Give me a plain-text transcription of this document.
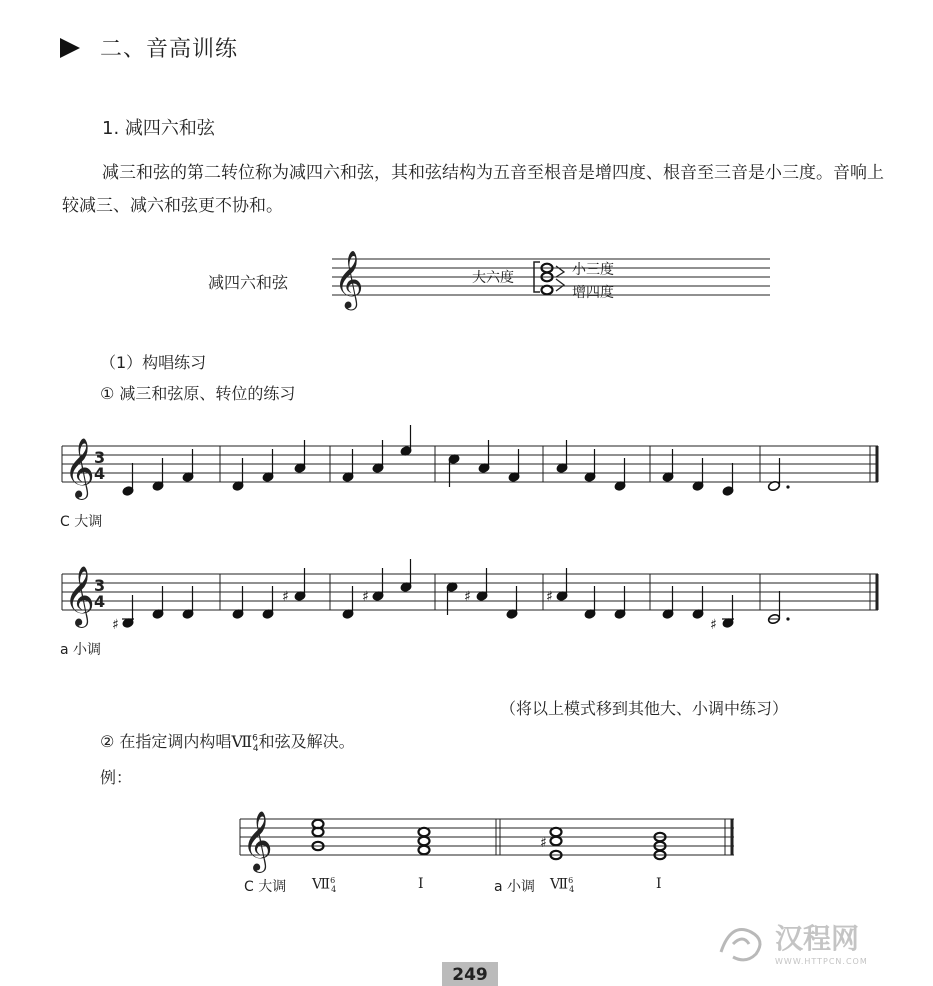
二、音高训练
1. 减四六和弦
减三和弦的第二转位称为减四六和弦，其和弦结构为五音至根音是增四度、根音至三音是小三度。音响上较减三、减六和弦更不协和。
减四六和弦 𝄞	大六度	小三度
增四度
（1）构唱练习
① 减三和弦原、转位的练习
𝄞 3
4
C 大调
𝄞 3
4
♯
♯	♯	♯	♯
♯
a 小调
（将以上模式移到其他大、小调中练习）
② 在指定调内构唱Ⅶ$^6_4$和弦及解决。
例：
𝄞	♯
C 大调 Ⅶ$^6_4$	Ⅰ	a 小调 Ⅶ$^6_4$	Ⅰ
汉程网
WWW.HTTPCN.COM
249
